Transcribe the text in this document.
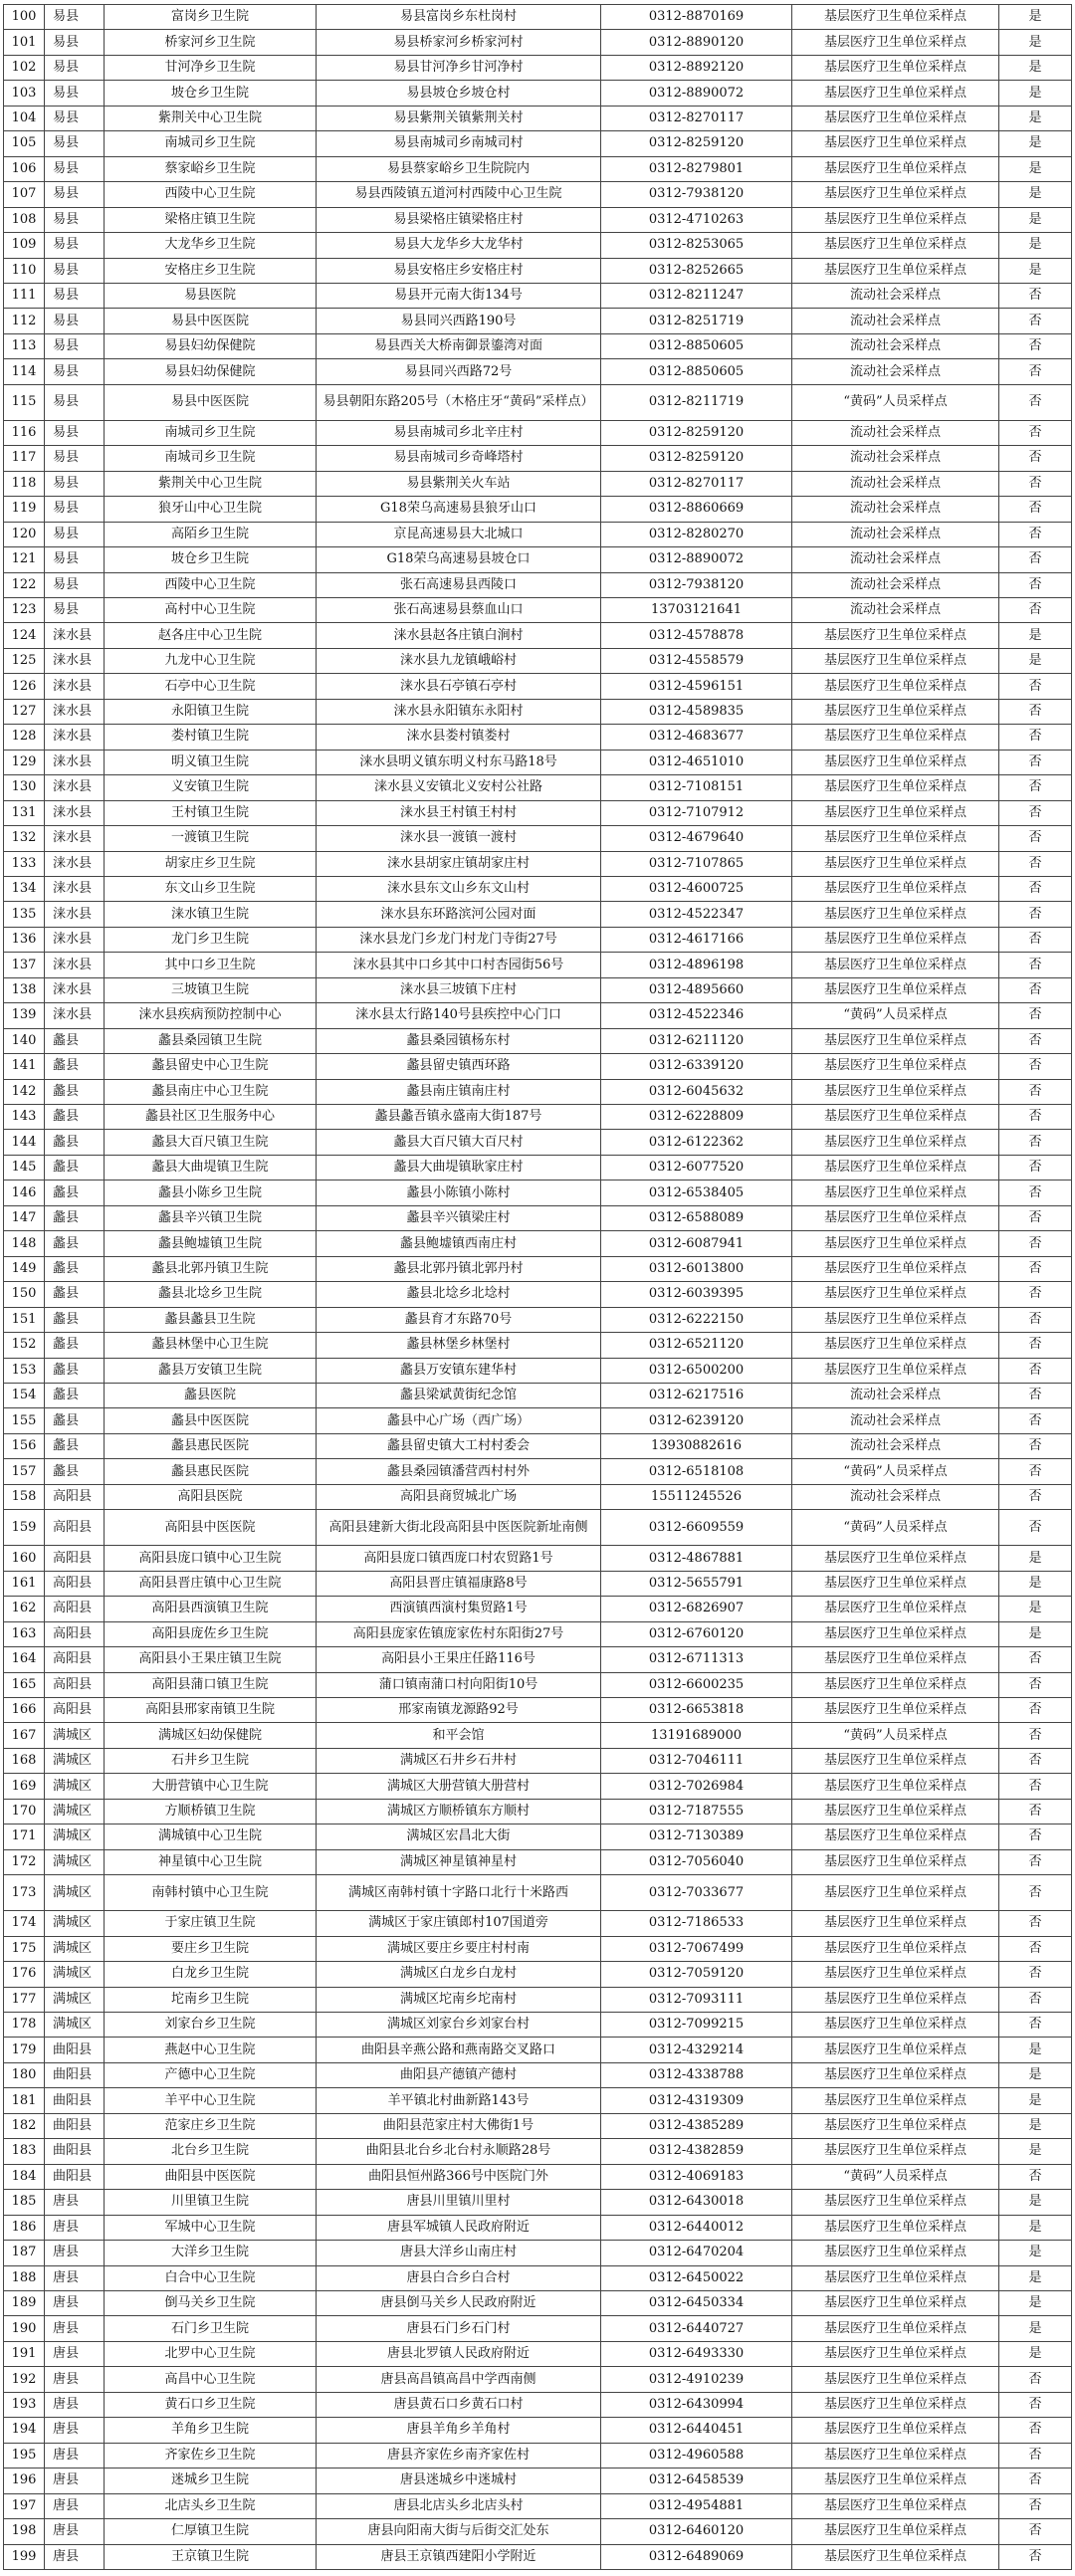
100	易县	富岗乡卫生院	易县富岗乡东杜岗村	0312-8870169	基层医疗卫生单位采样点	是
101	易县	桥家河乡卫生院	易县桥家河乡桥家河村	0312-8890120	基层医疗卫生单位采样点	是
102	易县	甘河净乡卫生院	易县甘河净乡甘河净村	0312-8892120	基层医疗卫生单位采样点	是
103	易县	坡仓乡卫生院	易县坡仓乡坡仓村	0312-8890072	基层医疗卫生单位采样点	是
104	易县	紫荆关中心卫生院	易县紫荆关镇紫荆关村	0312-8270117	基层医疗卫生单位采样点	是
105	易县	南城司乡卫生院	易县南城司乡南城司村	0312-8259120	基层医疗卫生单位采样点	是
106	易县	蔡家峪乡卫生院	易县蔡家峪乡卫生院院内	0312-8279801	基层医疗卫生单位采样点	是
107	易县	西陵中心卫生院	易县西陵镇五道河村西陵中心卫生院	0312-7938120	基层医疗卫生单位采样点	是
108	易县	梁格庄镇卫生院	易县梁格庄镇梁格庄村	0312-4710263	基层医疗卫生单位采样点	是
109	易县	大龙华乡卫生院	易县大龙华乡大龙华村	0312-8253065	基层医疗卫生单位采样点	是
110	易县	安格庄乡卫生院	易县安格庄乡安格庄村	0312-8252665	基层医疗卫生单位采样点	是
111	易县	易县医院	易县开元南大街134号	0312-8211247	流动社会采样点	否
112	易县	易县中医医院	易县同兴西路190号	0312-8251719	流动社会采样点	否
113	易县	易县妇幼保健院	易县西关大桥南御景鎏湾对面	0312-8850605	流动社会采样点	否
114	易县	易县妇幼保健院	易县同兴西路72号	0312-8850605	流动社会采样点	否
115	易县	易县中医医院	易县朝阳东路205号（木格庄牙“黄码”采样点）	0312-8211719	“黄码”人员采样点	否
116	易县	南城司乡卫生院	易县南城司乡北辛庄村	0312-8259120	流动社会采样点	否
117	易县	南城司乡卫生院	易县南城司乡奇峰塔村	0312-8259120	流动社会采样点	否
118	易县	紫荆关中心卫生院	易县紫荆关火车站	0312-8270117	流动社会采样点	否
119	易县	狼牙山中心卫生院	G18荣乌高速易县狼牙山口	0312-8860669	流动社会采样点	否
120	易县	高陌乡卫生院	京昆高速易县大北城口	0312-8280270	流动社会采样点	否
121	易县	坡仓乡卫生院	G18荣乌高速易县坡仓口	0312-8890072	流动社会采样点	否
122	易县	西陵中心卫生院	张石高速易县西陵口	0312-7938120	流动社会采样点	否
123	易县	高村中心卫生院	张石高速易县蔡血山口	13703121641	流动社会采样点	否
124	涞水县	赵各庄中心卫生院	涞水县赵各庄镇白涧村	0312-4578878	基层医疗卫生单位采样点	是
125	涞水县	九龙中心卫生院	涞水县九龙镇峨峪村	0312-4558579	基层医疗卫生单位采样点	是
126	涞水县	石亭中心卫生院	涞水县石亭镇石亭村	0312-4596151	基层医疗卫生单位采样点	否
127	涞水县	永阳镇卫生院	涞水县永阳镇东永阳村	0312-4589835	基层医疗卫生单位采样点	否
128	涞水县	娄村镇卫生院	涞水县娄村镇娄村	0312-4683677	基层医疗卫生单位采样点	否
129	涞水县	明义镇卫生院	涞水县明义镇东明义村东马路18号	0312-4651010	基层医疗卫生单位采样点	否
130	涞水县	义安镇卫生院	涞水县义安镇北义安村公社路	0312-7108151	基层医疗卫生单位采样点	否
131	涞水县	王村镇卫生院	涞水县王村镇王村村	0312-7107912	基层医疗卫生单位采样点	否
132	涞水县	一渡镇卫生院	涞水县一渡镇一渡村	0312-4679640	基层医疗卫生单位采样点	否
133	涞水县	胡家庄乡卫生院	涞水县胡家庄镇胡家庄村	0312-7107865	基层医疗卫生单位采样点	否
134	涞水县	东文山乡卫生院	涞水县东文山乡东文山村	0312-4600725	基层医疗卫生单位采样点	否
135	涞水县	涞水镇卫生院	涞水县东环路滨河公园对面	0312-4522347	基层医疗卫生单位采样点	否
136	涞水县	龙门乡卫生院	涞水县龙门乡龙门村龙门寺街27号	0312-4617166	基层医疗卫生单位采样点	否
137	涞水县	其中口乡卫生院	涞水县其中口乡其中口村杏园街56号	0312-4896198	基层医疗卫生单位采样点	否
138	涞水县	三坡镇卫生院	涞水县三坡镇下庄村	0312-4895660	基层医疗卫生单位采样点	否
139	涞水县	涞水县疾病预防控制中心	涞水县太行路140号县疾控中心门口	0312-4522346	“黄码”人员采样点	否
140	蠡县	蠡县桑园镇卫生院	蠡县桑园镇杨东村	0312-6211120	基层医疗卫生单位采样点	否
141	蠡县	蠡县留史中心卫生院	蠡县留史镇西环路	0312-6339120	基层医疗卫生单位采样点	否
142	蠡县	蠡县南庄中心卫生院	蠡县南庄镇南庄村	0312-6045632	基层医疗卫生单位采样点	否
143	蠡县	蠡县社区卫生服务中心	蠡县蠡吾镇永盛南大街187号	0312-6228809	基层医疗卫生单位采样点	否
144	蠡县	蠡县大百尺镇卫生院	蠡县大百尺镇大百尺村	0312-6122362	基层医疗卫生单位采样点	否
145	蠡县	蠡县大曲堤镇卫生院	蠡县大曲堤镇耿家庄村	0312-6077520	基层医疗卫生单位采样点	否
146	蠡县	蠡县小陈乡卫生院	蠡县小陈镇小陈村	0312-6538405	基层医疗卫生单位采样点	否
147	蠡县	蠡县辛兴镇卫生院	蠡县辛兴镇梁庄村	0312-6588089	基层医疗卫生单位采样点	否
148	蠡县	蠡县鲍墟镇卫生院	蠡县鲍墟镇西南庄村	0312-6087941	基层医疗卫生单位采样点	否
149	蠡县	蠡县北郭丹镇卫生院	蠡县北郭丹镇北郭丹村	0312-6013800	基层医疗卫生单位采样点	否
150	蠡县	蠡县北埝乡卫生院	蠡县北埝乡北埝村	0312-6039395	基层医疗卫生单位采样点	否
151	蠡县	蠡县蠡县卫生院	蠡县育才东路70号	0312-6222150	基层医疗卫生单位采样点	否
152	蠡县	蠡县林堡中心卫生院	蠡县林堡乡林堡村	0312-6521120	基层医疗卫生单位采样点	否
153	蠡县	蠡县万安镇卫生院	蠡县万安镇东建华村	0312-6500200	基层医疗卫生单位采样点	否
154	蠡县	蠡县医院	蠡县梁斌黄街纪念馆	0312-6217516	流动社会采样点	否
155	蠡县	蠡县中医医院	蠡县中心广场（西广场）	0312-6239120	流动社会采样点	否
156	蠡县	蠡县惠民医院	蠡县留史镇大工村村委会	13930882616	流动社会采样点	否
157	蠡县	蠡县惠民医院	蠡县桑园镇潘营西村村外	0312-6518108	“黄码”人员采样点	否
158	高阳县	高阳县医院	高阳县商贸城北广场	15511245526	流动社会采样点	否
159	高阳县	高阳县中医医院	高阳县建新大街北段高阳县中医医院新址南侧	0312-6609559	“黄码”人员采样点	否
160	高阳县	高阳县庞口镇中心卫生院	高阳县庞口镇西庞口村农贸路1号	0312-4867881	基层医疗卫生单位采样点	是
161	高阳县	高阳县晋庄镇中心卫生院	高阳县晋庄镇福康路8号	0312-5655791	基层医疗卫生单位采样点	是
162	高阳县	高阳县西演镇卫生院	西演镇西演村集贸路1号	0312-6826907	基层医疗卫生单位采样点	是
163	高阳县	高阳县庞佐乡卫生院	高阳县庞家佐镇庞家佐村东阳街27号	0312-6760120	基层医疗卫生单位采样点	是
164	高阳县	高阳县小王果庄镇卫生院	高阳县小王果庄任路116号	0312-6711313	基层医疗卫生单位采样点	否
165	高阳县	高阳县蒲口镇卫生院	蒲口镇南蒲口村向阳街10号	0312-6600235	基层医疗卫生单位采样点	否
166	高阳县	高阳县邢家南镇卫生院	邢家南镇龙源路92号	0312-6653818	基层医疗卫生单位采样点	否
167	满城区	满城区妇幼保健院	和平会馆	13191689000	“黄码”人员采样点	否
168	满城区	石井乡卫生院	满城区石井乡石井村	0312-7046111	基层医疗卫生单位采样点	否
169	满城区	大册营镇中心卫生院	满城区大册营镇大册营村	0312-7026984	基层医疗卫生单位采样点	否
170	满城区	方顺桥镇卫生院	满城区方顺桥镇东方顺村	0312-7187555	基层医疗卫生单位采样点	否
171	满城区	满城镇中心卫生院	满城区宏昌北大街	0312-7130389	基层医疗卫生单位采样点	否
172	满城区	神星镇中心卫生院	满城区神星镇神星村	0312-7056040	基层医疗卫生单位采样点	否
173	满城区	南韩村镇中心卫生院	满城区南韩村镇十字路口北行十米路西	0312-7033677	基层医疗卫生单位采样点	否
174	满城区	于家庄镇卫生院	满城区于家庄镇郎村107国道旁	0312-7186533	基层医疗卫生单位采样点	否
175	满城区	要庄乡卫生院	满城区要庄乡要庄村村南	0312-7067499	基层医疗卫生单位采样点	否
176	满城区	白龙乡卫生院	满城区白龙乡白龙村	0312-7059120	基层医疗卫生单位采样点	否
177	满城区	坨南乡卫生院	满城区坨南乡坨南村	0312-7093111	基层医疗卫生单位采样点	否
178	满城区	刘家台乡卫生院	满城区刘家台乡刘家台村	0312-7099215	基层医疗卫生单位采样点	否
179	曲阳县	燕赵中心卫生院	曲阳县辛燕公路和燕南路交叉路口	0312-4329214	基层医疗卫生单位采样点	是
180	曲阳县	产德中心卫生院	曲阳县产德镇产德村	0312-4338788	基层医疗卫生单位采样点	是
181	曲阳县	羊平中心卫生院	羊平镇北村曲新路143号	0312-4319309	基层医疗卫生单位采样点	是
182	曲阳县	范家庄乡卫生院	曲阳县范家庄村大佛街1号	0312-4385289	基层医疗卫生单位采样点	是
183	曲阳县	北台乡卫生院	曲阳县北台乡北台村永顺路28号	0312-4382859	基层医疗卫生单位采样点	是
184	曲阳县	曲阳县中医医院	曲阳县恒州路366号中医院门外	0312-4069183	“黄码”人员采样点	否
185	唐县	川里镇卫生院	唐县川里镇川里村	0312-6430018	基层医疗卫生单位采样点	是
186	唐县	军城中心卫生院	唐县军城镇人民政府附近	0312-6440012	基层医疗卫生单位采样点	是
187	唐县	大洋乡卫生院	唐县大洋乡山南庄村	0312-6470204	基层医疗卫生单位采样点	是
188	唐县	白合中心卫生院	唐县白合乡白合村	0312-6450022	基层医疗卫生单位采样点	是
189	唐县	倒马关乡卫生院	唐县倒马关乡人民政府附近	0312-6450334	基层医疗卫生单位采样点	是
190	唐县	石门乡卫生院	唐县石门乡石门村	0312-6440727	基层医疗卫生单位采样点	是
191	唐县	北罗中心卫生院	唐县北罗镇人民政府附近	0312-6493330	基层医疗卫生单位采样点	是
192	唐县	高昌中心卫生院	唐县高昌镇高昌中学西南侧	0312-4910239	基层医疗卫生单位采样点	否
193	唐县	黄石口乡卫生院	唐县黄石口乡黄石口村	0312-6430994	基层医疗卫生单位采样点	否
194	唐县	羊角乡卫生院	唐县羊角乡羊角村	0312-6440451	基层医疗卫生单位采样点	否
195	唐县	齐家佐乡卫生院	唐县齐家佐乡南齐家佐村	0312-4960588	基层医疗卫生单位采样点	否
196	唐县	迷城乡卫生院	唐县迷城乡中迷城村	0312-6458539	基层医疗卫生单位采样点	否
197	唐县	北店头乡卫生院	唐县北店头乡北店头村	0312-4954881	基层医疗卫生单位采样点	否
198	唐县	仁厚镇卫生院	唐县向阳南大街与后街交汇处东	0312-6460120	基层医疗卫生单位采样点	否
199	唐县	王京镇卫生院	唐县王京镇西建阳小学附近	0312-6489069	基层医疗卫生单位采样点	否
